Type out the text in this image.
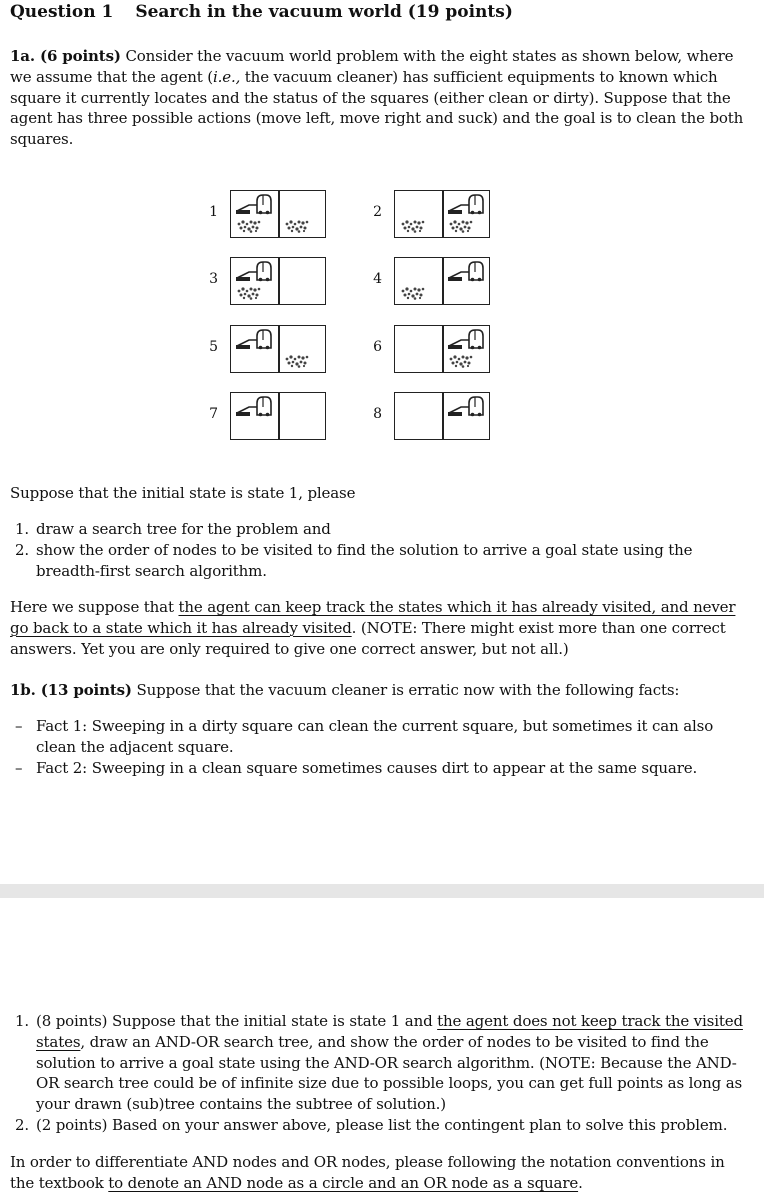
Question 1 Search in the vacuum world (19 points)
1a. (6 points) Consider the vacuum world problem with the eight states as shown below, where we assume that the agent (i.e., the vacuum cleaner) has sufficient equipments to known which square it currently locates and the status of the squares (either clean or dirty). Suppose that the agent has three possible actions (move left, move right and suck) and the goal is to clean the both squares.
1	2
3	4
5	6
7	8
Suppose that the initial state is state 1, please
1. draw a search tree for the problem and
2. show the order of nodes to be visited to find the solution to arrive a goal state using the breadth-first search algorithm.
Here we suppose that the agent can keep track the states which it has already visited, and never go back to a state which it has already visited. (NOTE: There might exist more than one correct answers. Yet you are only required to give one correct answer, but not all.)
1b. (13 points) Suppose that the vacuum cleaner is erratic now with the following facts:
– Fact 1: Sweeping in a dirty square can clean the current square, but sometimes it can also clean the adjacent square.
– Fact 2: Sweeping in a clean square sometimes causes dirt to appear at the same square.
1. (8 points) Suppose that the initial state is state 1 and the agent does not keep track the visited states, draw an AND-OR search tree, and show the order of nodes to be visited to find the solution to arrive a goal state using the AND-OR search algorithm. (NOTE: Because the AND-OR search tree could be of infinite size due to possible loops, you can get full points as long as your drawn (sub)tree contains the subtree of solution.)
2. (2 points) Based on your answer above, please list the contingent plan to solve this problem.
In order to differentiate AND nodes and OR nodes, please following the notation conventions in the textbook to denote an AND node as a circle and an OR node as a square.
